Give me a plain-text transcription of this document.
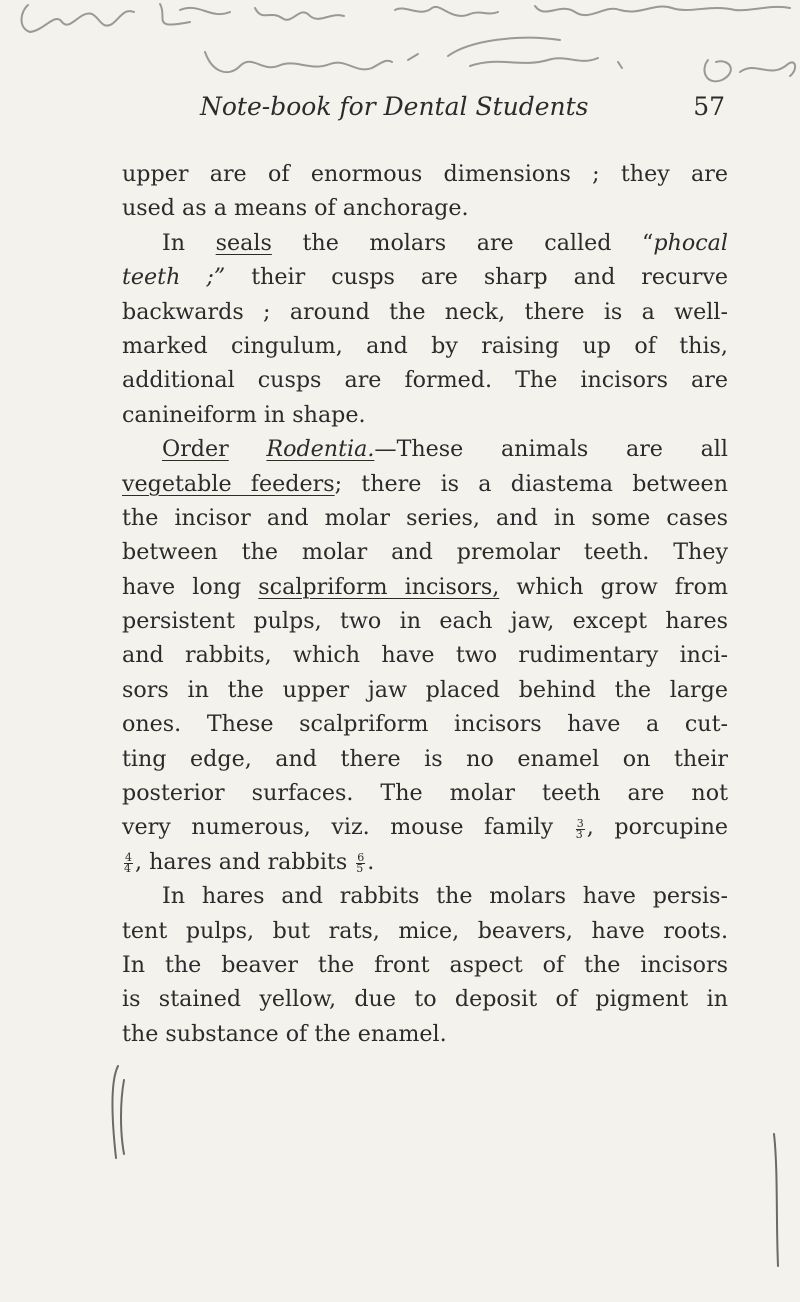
Note-book for Dental Students	57
upper are of enormous dimensions ; they are
used as a means of anchorage.
In seals the molars are called “phocal
teeth ;” their cusps are sharp and recurve
backwards ; around the neck, there is a well-
marked cingulum, and by raising up of this,
additional cusps are formed. The incisors are
canineiform in shape.
Order Rodentia.—These animals are all
vegetable feeders; there is a diastema between
the incisor and molar series, and in some cases
between the molar and premolar teeth. They
have long scalpriform incisors, which grow from
persistent pulps, two in each jaw, except hares
and rabbits, which have two rudimentary inci-
sors in the upper jaw placed behind the large
ones. These scalpriform incisors have a cut-
ting edge, and there is no enamel on their
posterior surfaces. The molar teeth are not
very numerous, viz. mouse family $\frac{3}{3}$ , porcupine
$\frac{4}{4}$ , hares and rabbits $\frac{6}{5}$ .
In hares and rabbits the molars have persis-
tent pulps, but rats, mice, beavers, have roots.
In the beaver the front aspect of the incisors
is stained yellow, due to deposit of pigment in
the substance of the enamel.
